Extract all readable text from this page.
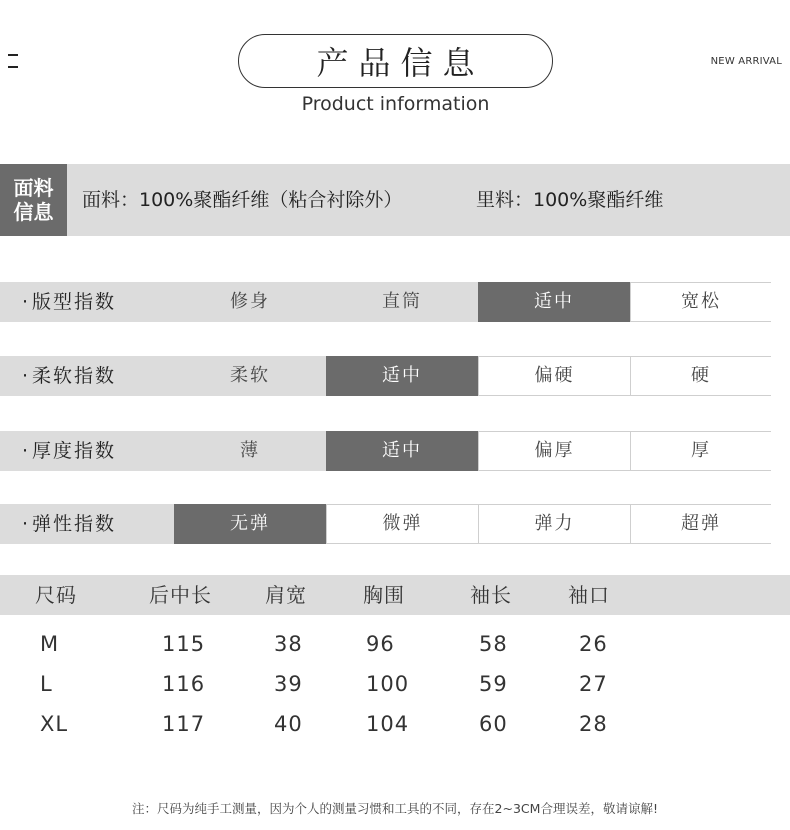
产品信息
Product information
NEW ARRIVAL
面料
信息 面料：100%聚酯纤维（粘合衬除外）	里料：100%聚酯纤维
· 版型指数	修身	直筒	适中	宽松
· 柔软指数	柔软	适中	偏硬	硬
· 厚度指数	薄	适中	偏厚	厚
· 弹性指数	无弹	微弹	弹力	超弹
尺码	后中长	肩宽	胸围	袖长	袖口
M	115	38	96	58	26
L	116	39	100	59	27
XL	117	40	104	60	28
注：尺码为纯手工测量，因为个人的测量习惯和工具的不同，存在2~3CM合理误差，敬请谅解!
